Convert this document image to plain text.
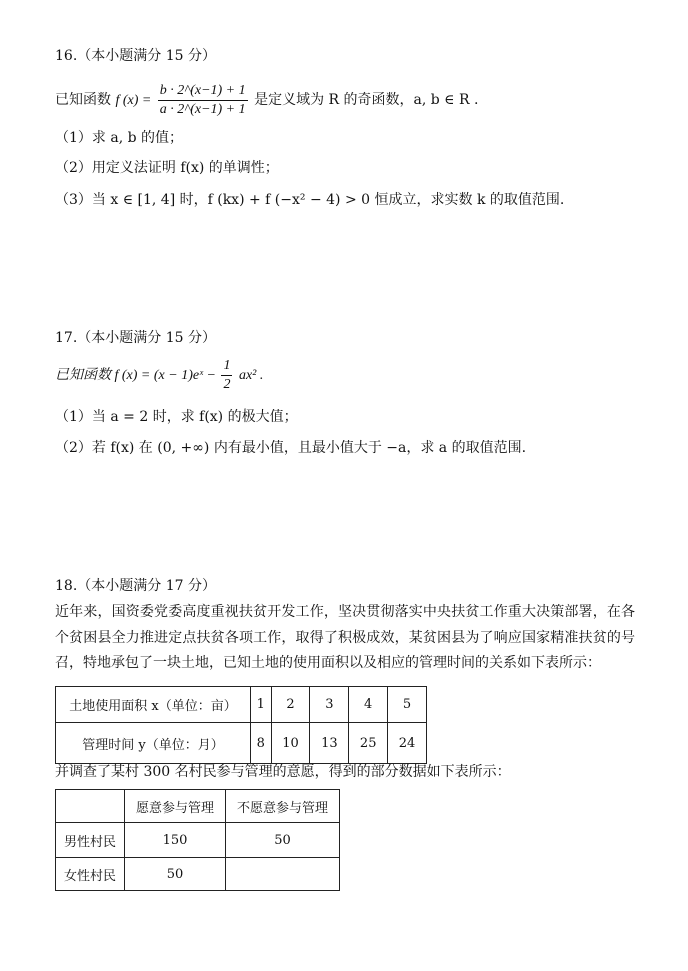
16.（本小题满分 15 分）
已知函数 f $(x) = \frac{b \cdot 2\^{}(x-1) + 1}{a \cdot 2\^{}(x-1) + 1}$ 是定义域为 R 的奇函数，a, b ∈ R .
（1）求 a, b 的值；
（2）用定义法证明 f(x) 的单调性；
（3）当 x ∈ [1, 4] 时，f (kx) + f (−x² − 4) > 0 恒成立，求实数 k 的取值范围.
17.（本小题满分 15 分）
已知函数 f (x) = (x − 1)eˣ − $\frac{1}{2} ax^2$ .
（1）当 a = 2 时，求 f(x) 的极大值；
（2）若 f(x) 在 (0, +∞) 内有最小值，且最小值大于 −a，求 a 的取值范围.
18.（本小题满分 17 分）
近年来，国资委党委高度重视扶贫开发工作，坚决贯彻落实中央扶贫工作重大决策部署，在各个贫困县全力推进定点扶贫各项工作，取得了积极成效，某贫困县为了响应国家精准扶贫的号召，特地承包了一块土地，已知土地的使用面积以及相应的管理时间的关系如下表所示：
土地使用面积 x（单位：亩）	1	2	3	4	5
管理时间 y（单位：月）	8	10	13	25	24
并调查了某村 300 名村民参与管理的意愿，得到的部分数据如下表所示：
	愿意参与管理	不愿意参与管理
男性村民	150	50
女性村民	50	
